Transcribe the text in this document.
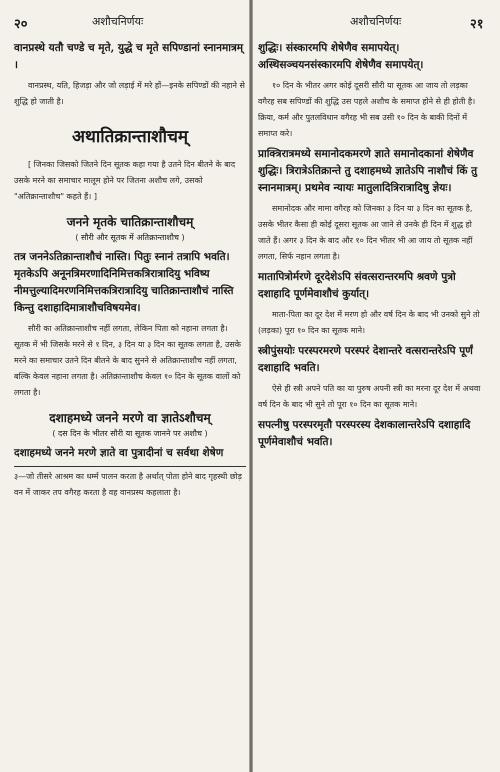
२०	अशौचनिर्णयः	अशौचनिर्णयः	२१

वानप्रस्थे यतौ चण्डे च मृते, युद्धे च मृते सपिण्डानां स्नानमात्रम् ।

वानप्रस्थ, यति, हिजड़ा और जो लड़ाई में मरे हों—इनके सपिण्डों की नहाने से शुद्धि हो जाती है।

अथातिक्रान्ताशौचम्

[ जिनका जिसको जितने दिन सूतक कहा गया है उतने दिन बीतने के बाद उसके मरने का समाचार मालूम होने पर जितना अशौच लगे, उसको "अतिक्रान्ताशौच" कहते हैं। ]

जनने मृतके चातिक्रान्ताशौचम्
( सौरी और सूतक में अतिक्रान्ताशौच )

तत्र जननेऽतिक्रान्ताशौचं नास्ति। पितुः स्नानं तत्रापि भवति। मृतकेऽपि अनूनत्रिमरणादिनिमित्तकत्रिरात्रादियु भविष्य नीमत्तुल्यादिमरणनिमित्तकत्रिरात्रादियु चातिक्रान्ताशौचं नास्ति किन्तु दशाहादिमात्राशौचविषयमेव।

सौरी का अतिक्रान्ताशौच नहीं लगता, लेकिन पिता को नहाना लगता है। सूतक में भी जिसके मरने से १ दिन, ३ दिन या ३ दिन का सूतक लगता है, उसके मरने का समाचार उतने दिन बीतने के बाद सुनने से अतिक्रान्ताशौच नहीं लगता, बल्कि केवल नहाना लगता है। अतिक्रान्ताशौच केवल १० दिन के सूतक वालों को लगता है।

दशाहमध्ये जनने मरणे वा ज्ञातेऽशौचम्
( दस दिन के भीतर सौरी या सूतक जानने पर अशौच )

दशाहमध्ये जनने मरणे ज्ञाते वा पुत्रादीनां च सर्वथा शेषेण

३—जो तीसरे आश्रम का धर्म्म पालन करता है अर्थात् पोता होने बाद गृहस्थी छोड़ वन में जाकर तप वगैरह करता है वह वानप्रस्थ कहलाता है।

शुद्धिः। संस्कारमपि शेषेणैव समापयेत्। अस्थिसञ्चयनसंस्कारमपि शेषेणैव समापयेत्।

१० दिन के भीतर अगर कोई दूसरी सौरी या सूतक आ जाय तो लड़का वगैरह सब सपिण्डों की शुद्धि उस पहले अशौच के समाप्त होने से ही होती है। क्रिया, कर्म और पुतलविधान वगैरह भी सब उसी १० दिन के बाकी दिनों में समाप्त करे।

प्राक्त्रिरात्रमध्ये समानोदकमरणे ज्ञाते समानोदकानां शेषेणैव शुद्धिः। त्रिरात्रेऽतिक्रान्ते तु दशाहमध्ये ज्ञातेऽपि नाशौचं किं तु स्नानमात्रम्। प्रथमेव न्यायः मातुलादित्रिरात्रादिषु ज्ञेयः।

समानोदक और मामा वगैरह को जिनका ३ दिन या ३ दिन का सूतक है, उसके भीतर कैसा ही कोई दूसरा सूतक आ जाने से उनके ही दिन में शुद्ध हो जाते हैं। अगर ३ दिन के बाद और १० दिन भीतर भी आ जाय तो सूतक नहीं लगता, सिर्फ नहान लगता है।

मातापित्रोर्मरणे दूरदेशेऽपि संवत्सरान्तरमपि श्रवणे पुत्रो दशाहादि पूर्णमेवाशौचं कुर्यात्।

माता-पिता का दूर देश में मरण हो और वर्ष दिन के बाद भी उनको सुने तो (लड़का) पूरा १० दिन का सूतक माने।

स्त्रीपुंसयोः परस्परमरणे परस्परं देशान्तरे वत्सरान्तरेऽपि पूर्णं दशाहादि भवति।

ऐसे ही स्त्री अपने पति का या पुरुष अपनी स्त्री का मरना दूर देश में अथवा वर्ष दिन के बाद भी सुने तो पूरा १० दिन का सूतक माने।

सपत्नीषु परस्परमृतौ परस्परस्य देशकालान्तरेऽपि दशाहादि पूर्णमेवाशौचं भवति।
